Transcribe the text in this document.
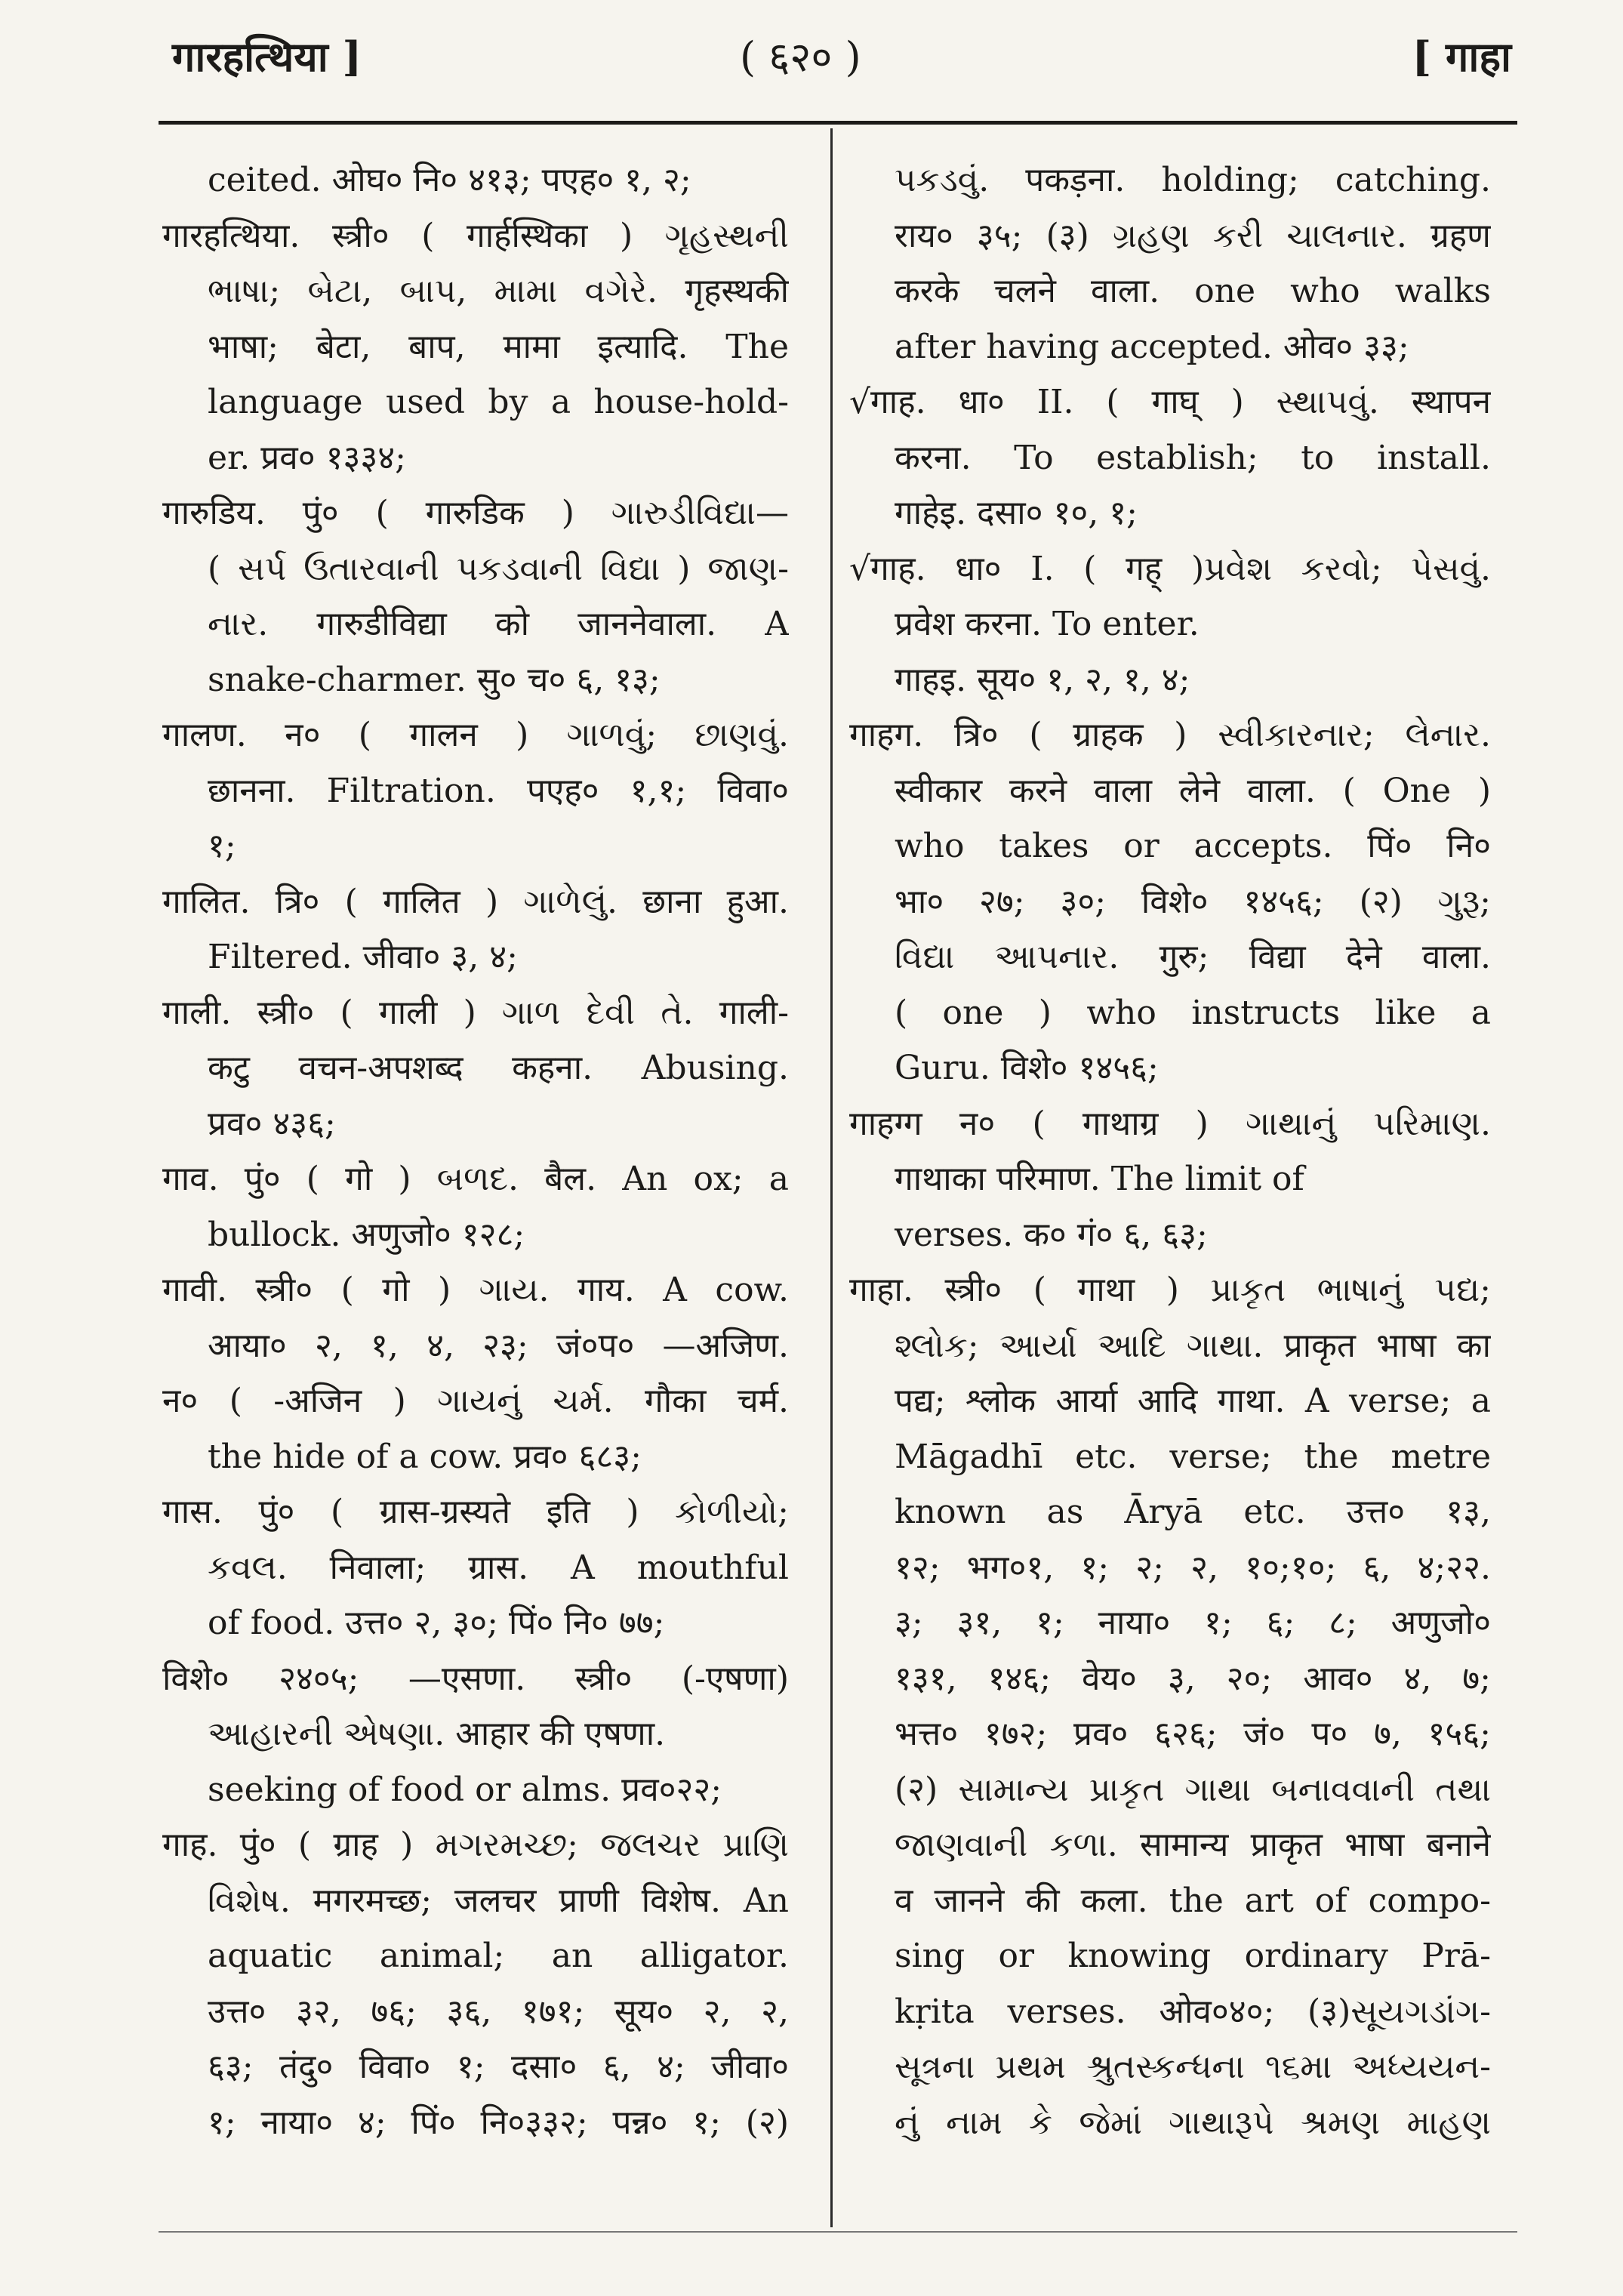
गारहत्थिया ]	( ६२० )	[ गाहा
ceited. ओघ० नि० ४१३; पएह० १, २;
गारहत्थिया. स्त्री० ( गार्हस्थिका ) ગૃહસ્થની
ભાષા; બેટા, બાપ, મામા વગેરે. गृहस्थकी
भाषा; बेटा, बाप, मामा इत्यादि. The
language used by a house-hold-
er. प्रव० १३३४;
गारुडिय. पुं० ( गारुडिक ) ગારુડીવિદ્યા—
( સર્પ ઉતારવાની પકડવાની વિદ્યા ) જાણ-
નાર. गारुडीविद्या को जाननेवाला. A
snake-charmer. सु० च० ६, १३;
गालण. न० ( गालन ) ગાળવું; છાણવું.
छानना. Filtration. पएह० १,१; विवा०
१;
गालित. त्रि० ( गालित ) ગાળેલું. छाना हुआ.
Filtered. जीवा० ३, ४;
गाली. स्त्री० ( गाली ) ગાળ દેવી તે. गाली-
कटु वचन-अपशब्द कहना. Abusing.
प्रव० ४३६;
गाव. पुं० ( गो ) બળદ. बैल. An ox; a
bullock. अणुजो० १२८;
गावी. स्त्री० ( गो ) ગાય. गाय. A cow.
आया० २, १, ४, २३; जं०प० —अजिण.
न० ( -अजिन ) ગાયનું ચર્મ. गौका चर्म.
the hide of a cow. प्रव० ६८३;
गास. पुं० ( ग्रास-ग्रस्यते इति ) કોળીયો;
કવલ. निवाला; ग्रास. A mouthful
of food. उत्त० २, ३०; पिं० नि० ७७;
विशे० २४०५; —एसणा. स्त्री० (-एषणा)
આહારની એષણા. आहार की एषणा.
seeking of food or alms. प्रव०२२;
गाह. पुं० ( ग्राह ) મગરમચ્છ; જલચર પ્રાણિ
વિશેષ. मगरमच्छ; जलचर प्राणी विशेष. An
aquatic animal; an alligator.
उत्त० ३२, ७६; ३६, १७१; सूय० २, २,
६३; तंदु० विवा० १; दसा० ६, ४; जीवा०
१; नाया० ४; पिं० नि०३३२; पन्न० १; (२)
પકડવું. पकड़ना. holding; catching.
राय० ३५; (३) ગ્રહણ કરી ચાલનાર. ग्रहण
करके चलने वाला. one who walks
after having accepted. ओव० ३३;
√गाह. धा० II. ( गाघ् ) સ્થાપવું. स्थापन
करना. To establish; to install.
गाहेइ. दसा० १०, १;
√गाह. धा० I. ( गह् )પ્રવેશ કરવો; પેસવું.
प्रवेश करना. To enter.
गाहइ. सूय० १, २, १, ४;
गाहग. त्रि० ( ग्राहक ) સ્વીકારનાર; લેનાર.
स्वीकार करने वाला लेने वाला. ( One )
who takes or accepts. पिं० नि०
भा० २७; ३०; विशे० १४५६; (२) ગુરૂ;
વિદ્યા આપનાર. गुरु; विद्या देने वाला.
( one ) who instructs like a
Guru. विशे० १४५६;
गाहग्ग न० ( गाथाग्र ) ગાથાનું પરિમાણ.
गाथाका परिमाण. The limit of
verses. क० गं० ६, ६३;
गाहा. स्त्री० ( गाथा ) પ્રાકૃત ભાષાનું પદ્ય;
શ્લોક; આર્યા આદિ ગાથા. प्राकृत भाषा का
पद्य; श्लोक आर्या आदि गाथा. A verse; a
Māgadhī etc. verse; the metre
known as Āryā etc. उत्त० १३,
१२; भग०१, १; २; २, १०;१०; ६, ४;२२.
३; ३१, १; नाया० १; ६; ८; अणुजो०
१३१, १४६; वेय० ३, २०; आव० ४, ७;
भत्त० १७२; प्रव० ६२६; जं० प० ७, १५६;
(२) સામાન્ય પ્રાકૃત ગાથા બનાવવાની તથા
જાણવાની કળા. सामान्य प्राकृत भाषा बनाने
व जानने की कला. the art of compo-
sing or knowing ordinary Prā-
kṛita verses. ओव०४०; (३)સૂયગડાંગ-
સૂત્રના પ્રથમ શ્રુતસ્કન્ધના ૧૬મા અધ્યયન-
નું નામ કે જેમાં ગાથારૂપે શ્રમણ માહણ
